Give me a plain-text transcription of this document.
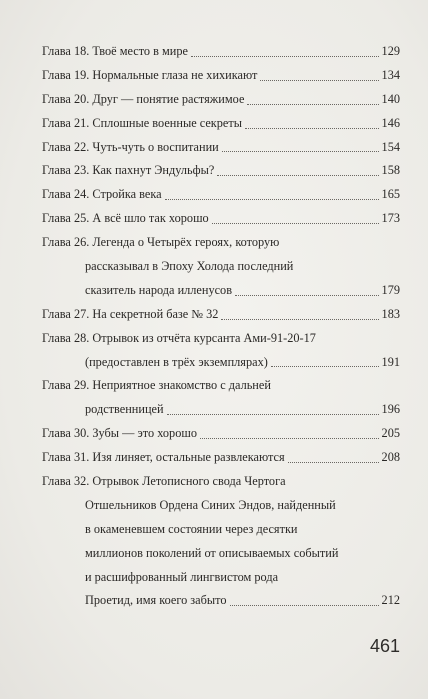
Глава 18. Твоё место в мире	129
Глава 19. Нормальные глаза не хихикают	134
Глава 20. Друг — понятие растяжимое	140
Глава 21. Сплошные военные секреты	146
Глава 22. Чуть-чуть о воспитании	154
Глава 23. Как пахнут Эндульфы?	158
Глава 24. Стройка века	165
Глава 25. А всё шло так хорошо	173
Глава 26. Легенда о Четырёх героях, которую
рассказывал в Эпоху Холода последний
сказитель народа илленусов	179
Глава 27. На секретной базе № 32	183
Глава 28. Отрывок из отчёта курсанта Ами-91-20-17
(предоставлен в трёх экземплярах)	191
Глава 29. Неприятное знакомство с дальней
родственницей	196
Глава 30. Зубы — это хорошо	205
Глава 31. Изя линяет, остальные развлекаются	208
Глава 32. Отрывок Летописного свода Чертога
Отшельников Ордена Синих Эндов, найденный
в окаменевшем состоянии через десятки
миллионов поколений от описываемых событий
и расшифрованный лингвистом рода
Проетид, имя коего забыто	212
461
